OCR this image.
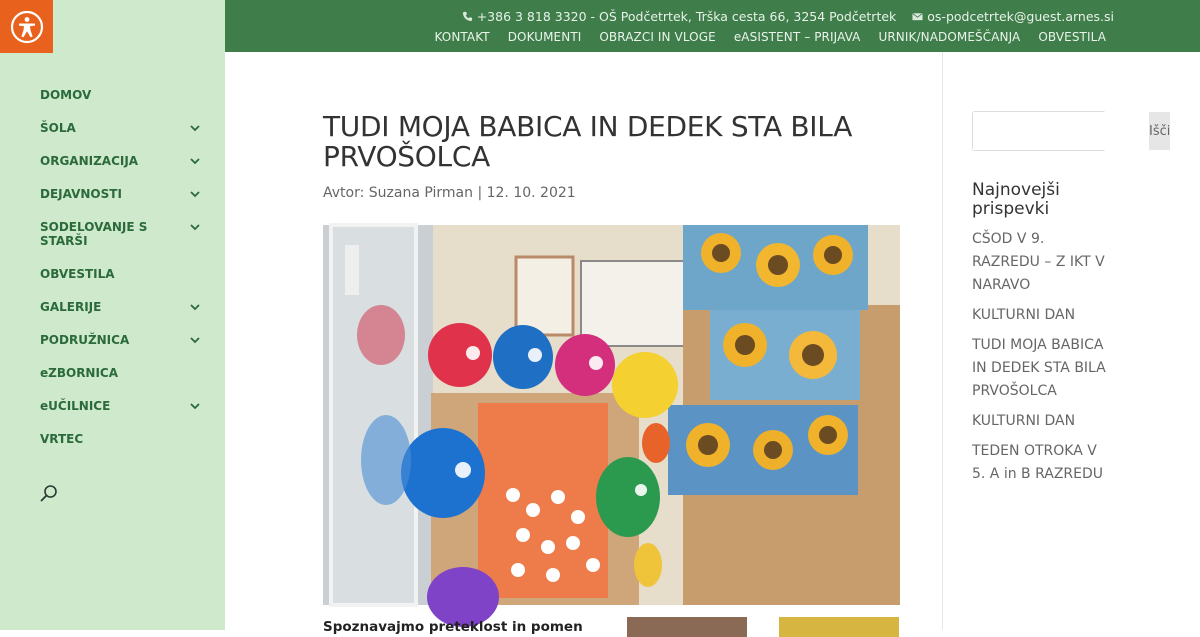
DOMOV
ŠOLA
ORGANIZACIJA
DEJAVNOSTI
SODELOVANJE S STARŠI
OBVESTILA
GALERIJE
PODRUŽNICA
eZBORNICA
eUČILNICE
VRTEC
+386 3 818 3320 - OŠ Podčetrtek, Trška cesta 66, 3254 Podčetrtek os-podcetrtek@guest.arnes.si
KONTAKT DOKUMENTI OBRAZCI IN VLOGE eASISTENT – PRIJAVA URNIK/NADOMEŠČANJA OBVESTILA
TUDI MOJA BABICA IN DEDEK STA BILA PRVOŠOLCA
Avtor: Suzana Pirman | 12. 10. 2021
Spoznavajmo preteklost in pomen
Išči
Najnovejši prispevki
CŠOD V 9. RAZREDU – Z IKT V NARAVO
KULTURNI DAN
TUDI MOJA BABICA IN DEDEK STA BILA PRVOŠOLCA
KULTURNI DAN
TEDEN OTROKA V 5. A in B RAZREDU
